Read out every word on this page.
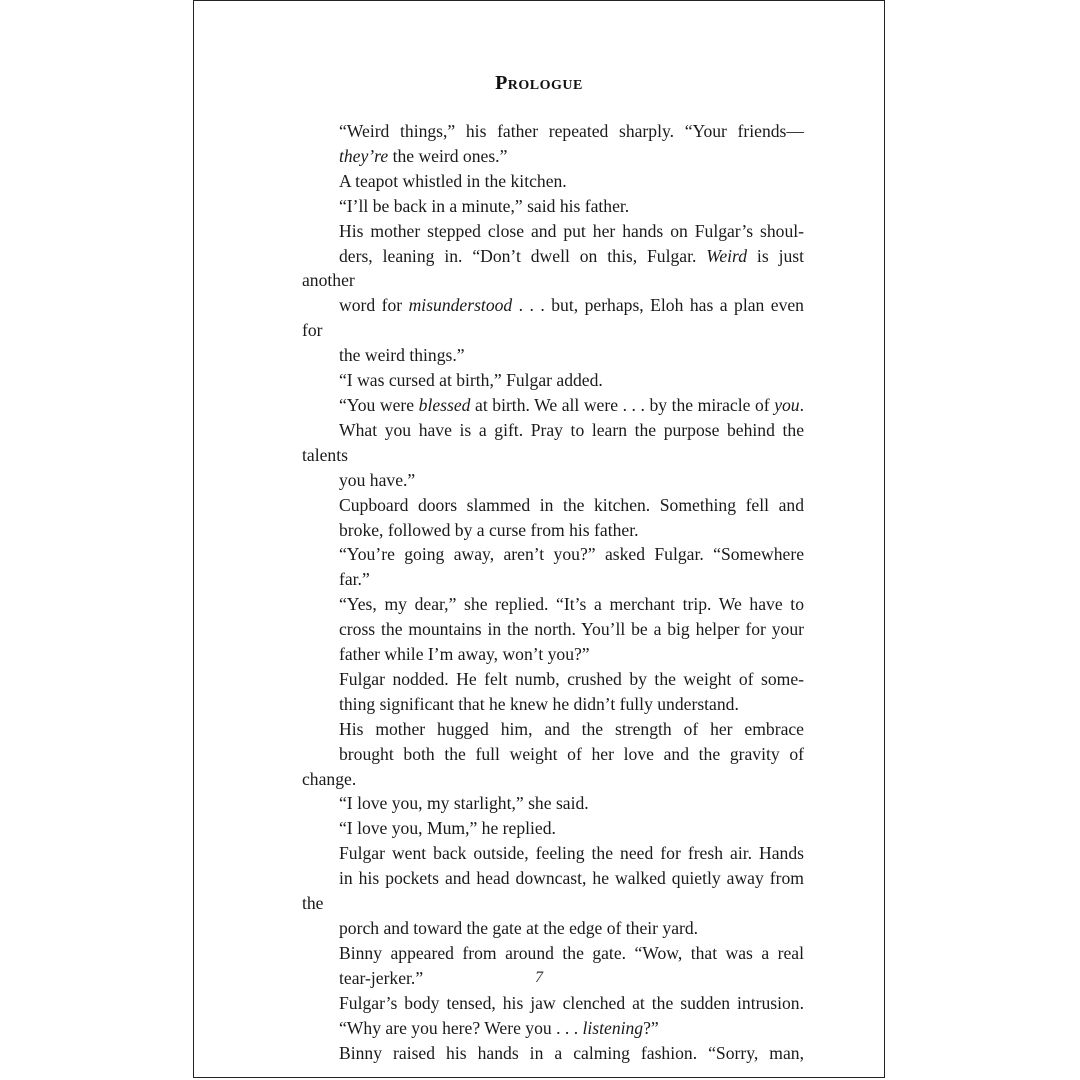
Prologue

“Weird things,” his father repeated sharply. “Your friends—
they’re the weird ones.”

A teapot whistled in the kitchen.

“I’ll be back in a minute,” said his father.

His mother stepped close and put her hands on Fulgar’s shoul-
ders, leaning in. “Don’t dwell on this, Fulgar. Weird is just another
word for misunderstood . . . but, perhaps, Eloh has a plan even for
the weird things.”

“I was cursed at birth,” Fulgar added.

“You were blessed at birth. We all were . . . by the miracle of you.
What you have is a gift. Pray to learn the purpose behind the talents
you have.”

Cupboard doors slammed in the kitchen. Something fell and
broke, followed by a curse from his father.

“You’re going away, aren’t you?” asked Fulgar. “Somewhere
far.”

“Yes, my dear,” she replied. “It’s a merchant trip. We have to
cross the mountains in the north. You’ll be a big helper for your
father while I’m away, won’t you?”

Fulgar nodded. He felt numb, crushed by the weight of some-
thing significant that he knew he didn’t fully understand.

His mother hugged him, and the strength of her embrace
brought both the full weight of her love and the gravity of change.

“I love you, my starlight,” she said.

“I love you, Mum,” he replied.

Fulgar went back outside, feeling the need for fresh air. Hands
in his pockets and head downcast, he walked quietly away from the
porch and toward the gate at the edge of their yard.

Binny appeared from around the gate. “Wow, that was a real
tear-jerker.”

Fulgar’s body tensed, his jaw clenched at the sudden intrusion.
“Why are you here? Were you . . . listening?”

Binny raised his hands in a calming fashion. “Sorry, man,

7
